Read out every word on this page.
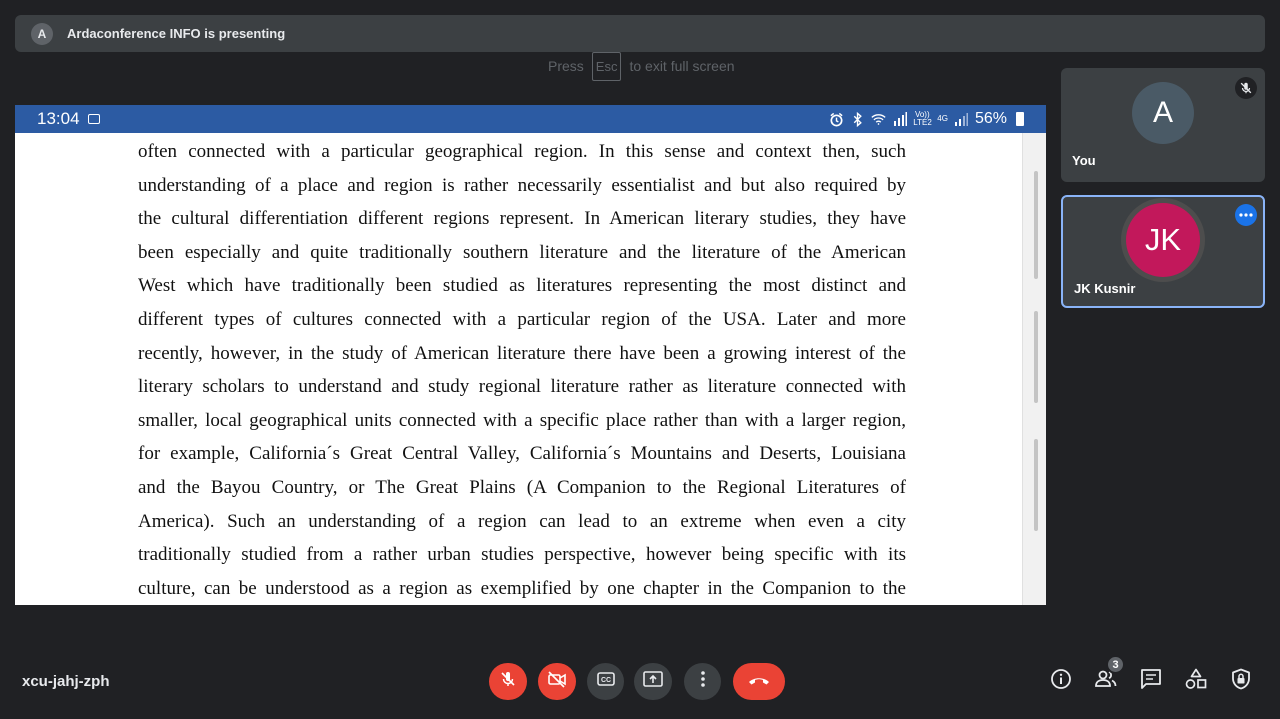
A	Ardaconference INFO is presenting
Press Esc to exit full screen
13:04	Vo)) LTE2 4G 56%

often connected with a particular geographical region. In this sense and context then, such

understanding of a place and region is rather necessarily essentialist and but also required by

the cultural differentiation different regions represent. In American literary studies, they have

been especially and quite traditionally southern literature and the literature of the American

West which have traditionally been studied as literatures representing the most distinct and

different types of cultures connected with a particular region of the USA. Later and more

recently, however, in the study of American literature there have been a growing interest of the

literary scholars to understand and study regional literature rather as literature connected with

smaller, local geographical units connected with a specific place rather than with a larger region,

for example, California´s Great Central Valley, California´s Mountains and Deserts, Louisiana

and the Bayou Country, or The Great Plains (A Companion to the Regional Literatures of

America). Such an understanding of a region can lead to an extreme when even a city

traditionally studied from a rather urban studies perspective, however being specific with its

culture, can be understood as a region as exemplified by one chapter in the Companion to the

A
You
JK
JK Kusnir
xcu-jahj-zph	CC
3
